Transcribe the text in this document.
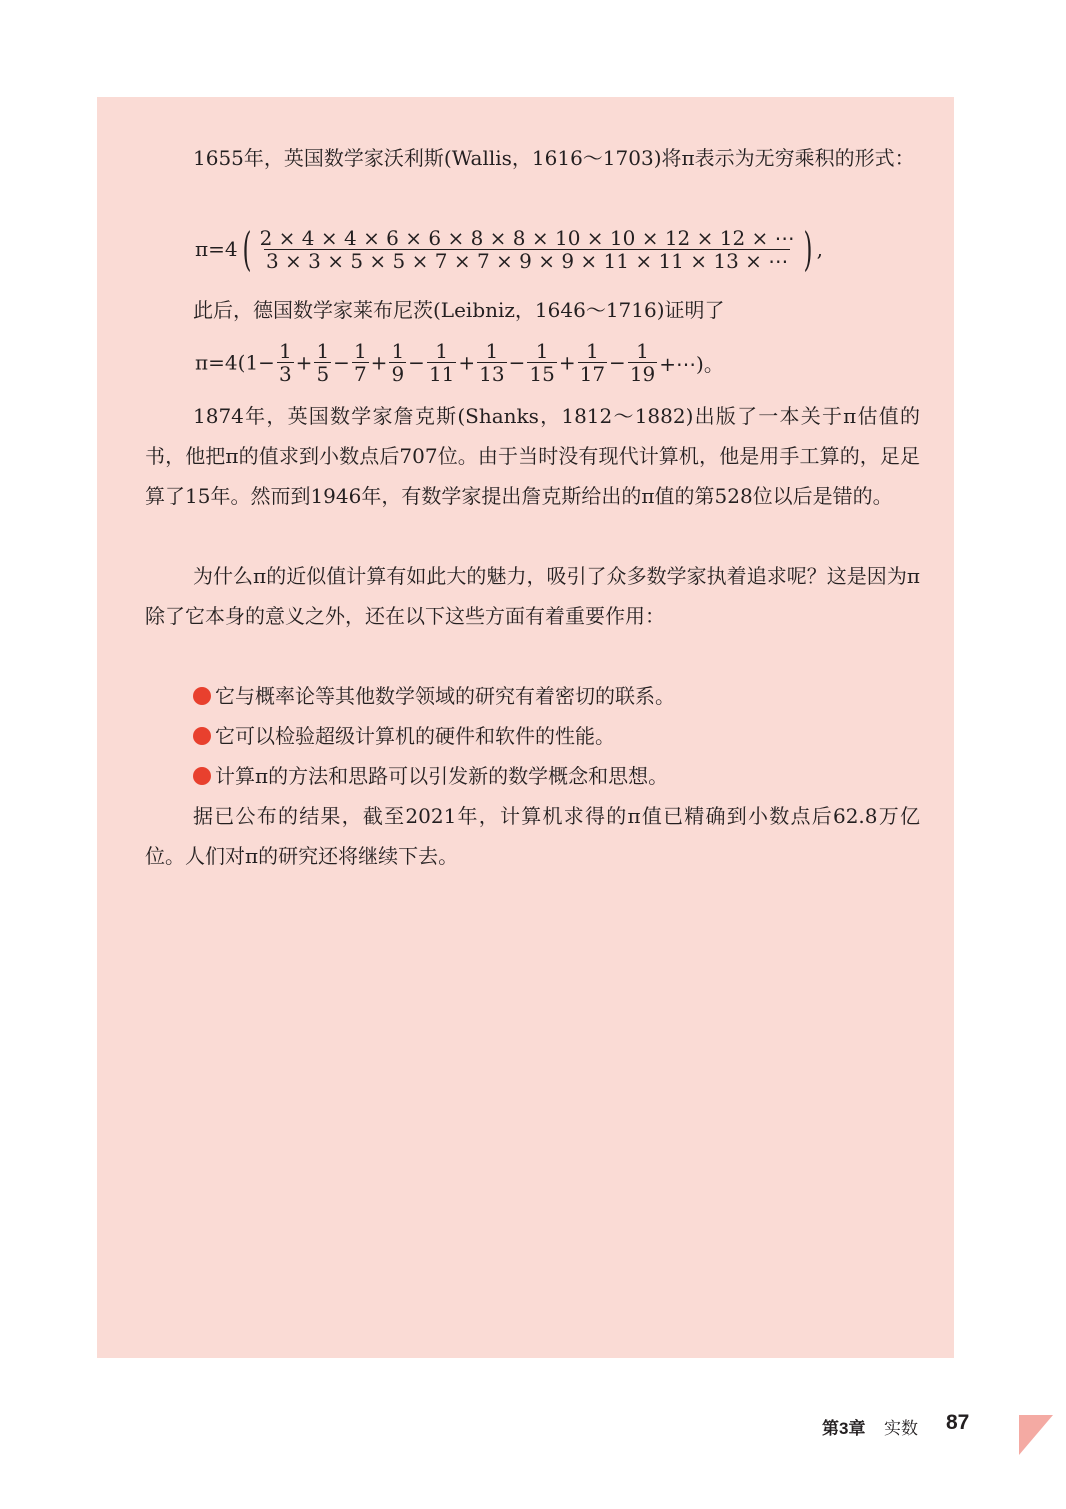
1655年，英国数学家沃利斯(Wallis，1616～1703)将π表示为无穷乘积的形式：
$\pi=4( \frac{2 \times 4 \times 4 \times 6 \times 6 \times 8 \times 8 \times 10 \times 10 \times 12 \times 12 \times \cdots}{3 \times 3 \times 5 \times 5 \times 7 \times 7 \times 9 \times 9 \times 11 \times 11 \times 13 \times \cdots}$ ) ,
此后，德国数学家莱布尼茨(Leibniz，1646～1716)证明了
$\pi=4(1- \frac{1}{3} + \frac{1}{5} - \frac{1}{7} + \frac{1}{9} - \frac{1}{11} + \frac{1}{13} - \frac{1}{15} + \frac{1}{17} - \frac{1}{19}$ +⋯)。
1874年，英国数学家詹克斯(Shanks，1812～1882)出版了一本关于π估值的书，他把π的值求到小数点后707位。由于当时没有现代计算机，他是用手工算的，足足算了15年。然而到1946年，有数学家提出詹克斯给出的π值的第528位以后是错的。
为什么π的近似值计算有如此大的魅力，吸引了众多数学家执着追求呢？这是因为π除了它本身的意义之外，还在以下这些方面有着重要作用：
它与概率论等其他数学领域的研究有着密切的联系。
它可以检验超级计算机的硬件和软件的性能。
计算π的方法和思路可以引发新的数学概念和思想。
据已公布的结果，截至2021年，计算机求得的π值已精确到小数点后62.8万亿位。人们对π的研究还将继续下去。
第3章 实数 87
